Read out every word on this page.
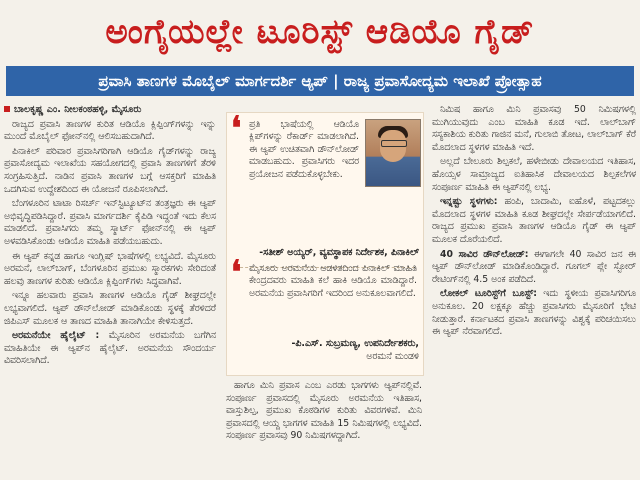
ಅಂಗೈಯಲ್ಲೇ ಟೂರಿಸ್ಟ್ ಆಡಿಯೊ ಗೈಡ್
ಪ್ರವಾಸಿ ತಾಣಗಳ ಮೊಬೈಲ್ ಮಾರ್ಗದರ್ಶಿ ಆ್ಯಪ್ | ರಾಜ್ಯ ಪ್ರವಾಸೋದ್ಯಮ ಇಲಾಖೆ ಪ್ರೋತ್ಸಾಹ

ಬಾಲಕೃಷ್ಣ ಎಂ. ನೀಲಕಂಠಹಳ್ಳಿ, ಮೈಸೂರು

ರಾಜ್ಯದ ಪ್ರವಾಸಿ ತಾಣಗಳ ಕುರಿತ ಆಡಿಯೊ ಕ್ಲಿಪ್ಪಿಂಗ್‌ಗಳನ್ನು ಇನ್ನು ಮುಂದೆ ಮೊಬೈಲ್ ಫೋನ್‌ನಲ್ಲಿ ಆಲಿಸಬಹುದಾಗಿದೆ.

ಪಿನಾಕಿಲ್ ಪರಿವಾರ ಪ್ರವಾಸಿಗರಿಗಾಗಿ ಆಡಿಯೊ ಗೈಡ್‌ಗಳನ್ನು ರಾಜ್ಯ ಪ್ರವಾಸೋದ್ಯಮ ಇಲಾಖೆಯ ಸಹಯೋಗದಲ್ಲಿ ಪ್ರವಾಸಿ ತಾಣಗಳಿಗೆ ತೆರಳಿ ಸಂಗ್ರಹಿಸುತ್ತಿದೆ. ನಾಡಿನ ಪ್ರವಾಸಿ ತಾಣಗಳ ಬಗ್ಗೆ ಆಸಕ್ತರಿಗೆ ಮಾಹಿತಿ ಒದಗಿಸುವ ಉದ್ದೇಶದಿಂದ ಈ ಯೋಜನೆ ರೂಪಿಸಲಾಗಿದೆ.

ಬೆಂಗಳೂರಿನ ಟಾಟಾ ರಿಸರ್ಚ್ ಇನ್‌ಸ್ಟಿಟ್ಯೂಟ್‌ನ ತಂತ್ರಜ್ಞರು ಈ ಆ್ಯಪ್ ಅಭಿವೃದ್ಧಿಪಡಿಸಿದ್ದಾರೆ. ಪ್ರವಾಸಿ ಮಾರ್ಗದರ್ಶಿ ಕೈಪಿಡಿ ಇದ್ದಂತೆ ಇದು ಕೆಲಸ ಮಾಡಲಿದೆ. ಪ್ರವಾಸಿಗರು ತಮ್ಮ ಸ್ಮಾರ್ಟ್ ಫೋನ್‌ನಲ್ಲಿ ಈ ಆ್ಯಪ್ ಅಳವಡಿಸಿಕೊಂಡು ಆಡಿಯೊ ಮಾಹಿತಿ ಪಡೆಯಬಹುದು.

ಈ ಆ್ಯಪ್ ಕನ್ನಡ ಹಾಗೂ ಇಂಗ್ಲಿಷ್ ಭಾಷೆಗಳಲ್ಲಿ ಲಭ್ಯವಿದೆ. ಮೈಸೂರು ಅರಮನೆ, ಲಾಲ್‌ಬಾಗ್, ಬೆಂಗಳೂರಿನ ಪ್ರಮುಖ ಸ್ಮಾರಕಗಳು ಸೇರಿದಂತೆ ಹಲವು ತಾಣಗಳ ಕುರಿತು ಆಡಿಯೊ ಕ್ಲಿಪ್ಪಿಂಗ್‌ಗಳು ಸಿದ್ಧವಾಗಿವೆ.

ಇನ್ನೂ ಹಲವಾರು ಪ್ರವಾಸಿ ತಾಣಗಳ ಆಡಿಯೊ ಗೈಡ್ ಶೀಘ್ರದಲ್ಲೇ ಲಭ್ಯವಾಗಲಿದೆ. ಆ್ಯಪ್ ಡೌನ್‌ಲೋಡ್ ಮಾಡಿಕೊಂಡು ಸ್ಥಳಕ್ಕೆ ತೆರಳಿದರೆ ಜಿಪಿಎಸ್ ಮೂಲಕ ಆ ತಾಣದ ಮಾಹಿತಿ ತಾನಾಗಿಯೇ ಕೇಳಿಸುತ್ತದೆ.

ಅರಮನೆಯೇ ಹೈಲೈಟ್ : ಮೈಸೂರಿನ ಅರಮನೆಯ ಬಗೆಗಿನ ಮಾಹಿತಿಯೇ ಈ ಆ್ಯಪ್‌ನ ಹೈಲೈಟ್. ಅರಮನೆಯ ಸೌಂದರ್ಯ ವಿವರಿಸಲಾಗಿದೆ.

❛ ಪ್ರತಿ ಭಾಷೆಯಲ್ಲಿ ಆಡಿಯೊ ಕ್ಲಿಪ್‌ಗಳನ್ನು ರೆಕಾರ್ಡ್ ಮಾಡಲಾಗಿದೆ. ಈ ಆ್ಯಪ್ ಉಚಿತವಾಗಿ ಡೌನ್‌ಲೋಡ್ ಮಾಡಬಹುದು. ಪ್ರವಾಸಿಗರು ಇದರ ಪ್ರಯೋಜನ ಪಡೆದುಕೊಳ್ಳಬೇಕು.
-ಸತೀಶ್ ಅಯ್ಯರ್, ವ್ಯವಸ್ಥಾಪಕ ನಿರ್ದೇಶಕ, ಪಿನಾಕಿಲ್
❛ ಮೈಸೂರು ಅರಮನೆಯ ಆಡಳಿತದಿಂದ ಪಿನಾಕಿಲ್ ಮಾಹಿತಿ ಕೇಂದ್ರದವರು ಮಾಹಿತಿ ಕಲೆ ಹಾಕಿ ಆಡಿಯೊ ಮಾಡಿದ್ದಾರೆ. ಅರಮನೆಯ ಪ್ರವಾಸಿಗರಿಗೆ ಇದರಿಂದ ಅನುಕೂಲವಾಗಲಿದೆ.
-ಪಿ.ಎಸ್. ಸುಬ್ರಮಣ್ಯ, ಉಪನಿರ್ದೇಶಕರು,
ಅರಮನೆ ಮಂಡಳಿ

ಹಾಗೂ ಮಿನಿ ಪ್ರವಾಸ ಎಂಬ ಎರಡು ಭಾಗಗಳು ಆ್ಯಪ್‌ನಲ್ಲಿವೆ. ಸಂಪೂರ್ಣ ಪ್ರವಾಸದಲ್ಲಿ ಮೈಸೂರು ಅರಮನೆಯ ಇತಿಹಾಸ, ವಾಸ್ತುಶಿಲ್ಪ, ಪ್ರಮುಖ ಕೊಠಡಿಗಳ ಕುರಿತು ವಿವರಗಳಿವೆ. ಮಿನಿ ಪ್ರವಾಸದಲ್ಲಿ ಆಯ್ದ ಭಾಗಗಳ ಮಾಹಿತಿ 15 ನಿಮಿಷಗಳಲ್ಲಿ ಲಭ್ಯವಿದೆ. ಸಂಪೂರ್ಣ ಪ್ರವಾಸವು 90 ನಿಮಿಷಗಳದ್ದಾಗಿದೆ.

ನಿಮಿಷ ಹಾಗೂ ಮಿನಿ ಪ್ರವಾಸವು 50 ನಿಮಿಷಗಳಲ್ಲಿ ಮುಗಿಯುವುದು ಎಂಬ ಮಾಹಿತಿ ಕೂಡ ಇದೆ. ಲಾಲ್‌ಬಾಗ್ ಸಸ್ಯಕಾಶಿಯ ಕುರಿತು ಗಾಜಿನ ಮನೆ, ಗುಲಾಬಿ ತೋಟ, ಲಾಲ್‌ಬಾಗ್ ಕೆರೆ ಮೊದಲಾದ ಸ್ಥಳಗಳ ಮಾಹಿತಿ ಇದೆ.

ಅಲ್ಲದೆ ಬೇಲೂರು ಶಿಲ್ಪಕಲೆ, ಹಳೇಬೀಡು ದೇವಾಲಯದ ಇತಿಹಾಸ, ಹೊಯ್ಸಳ ಸಾಮ್ರಾಜ್ಯದ ಐತಿಹಾಸಿಕ ದೇವಾಲಯದ ಶಿಲ್ಪಕಲೆಗಳ ಸಂಪೂರ್ಣ ಮಾಹಿತಿ ಈ ಆ್ಯಪ್‌ನಲ್ಲಿ ಲಭ್ಯ.

ಇನ್ನಷ್ಟು ಸ್ಥಳಗಳು: ಹಂಪಿ, ಬಾದಾಮಿ, ಐಹೊಳೆ, ಪಟ್ಟದಕಲ್ಲು ಮೊದಲಾದ ಸ್ಥಳಗಳ ಮಾಹಿತಿ ಕೂಡ ಶೀಘ್ರದಲ್ಲೇ ಸೇರ್ಪಡೆಯಾಗಲಿದೆ. ರಾಜ್ಯದ ಪ್ರಮುಖ ಪ್ರವಾಸಿ ತಾಣಗಳ ಆಡಿಯೊ ಗೈಡ್ ಈ ಆ್ಯಪ್ ಮೂಲಕ ದೊರೆಯಲಿದೆ.

40 ಸಾವಿರ ಡೌನ್‌ಲೋಡ್: ಈಗಾಗಲೇ 40 ಸಾವಿರ ಜನ ಈ ಆ್ಯಪ್ ಡೌನ್‌ಲೋಡ್ ಮಾಡಿಕೊಂಡಿದ್ದಾರೆ. ಗೂಗಲ್ ಪ್ಲೇ ಸ್ಟೋರ್ ರೇಟಿಂಗ್‌ನಲ್ಲಿ 4.5 ಅಂಕ ಪಡೆದಿದೆ.

ಲೋಕಲ್ ಟೂರಿಸ್ಟ್‌ಗೆ ಬೂಸ್ಟ್: ಇದು ಸ್ಥಳೀಯ ಪ್ರವಾಸಿಗರಿಗೂ ಅನುಕೂಲ. 20 ಲಕ್ಷಕ್ಕೂ ಹೆಚ್ಚು ಪ್ರವಾಸಿಗರು ಮೈಸೂರಿಗೆ ಭೇಟಿ ನೀಡುತ್ತಾರೆ. ಕರ್ನಾಟಕದ ಪ್ರವಾಸಿ ತಾಣಗಳನ್ನು ವಿಶ್ವಕ್ಕೆ ಪರಿಚಯಿಸಲು ಈ ಆ್ಯಪ್ ನೆರವಾಗಲಿದೆ.
